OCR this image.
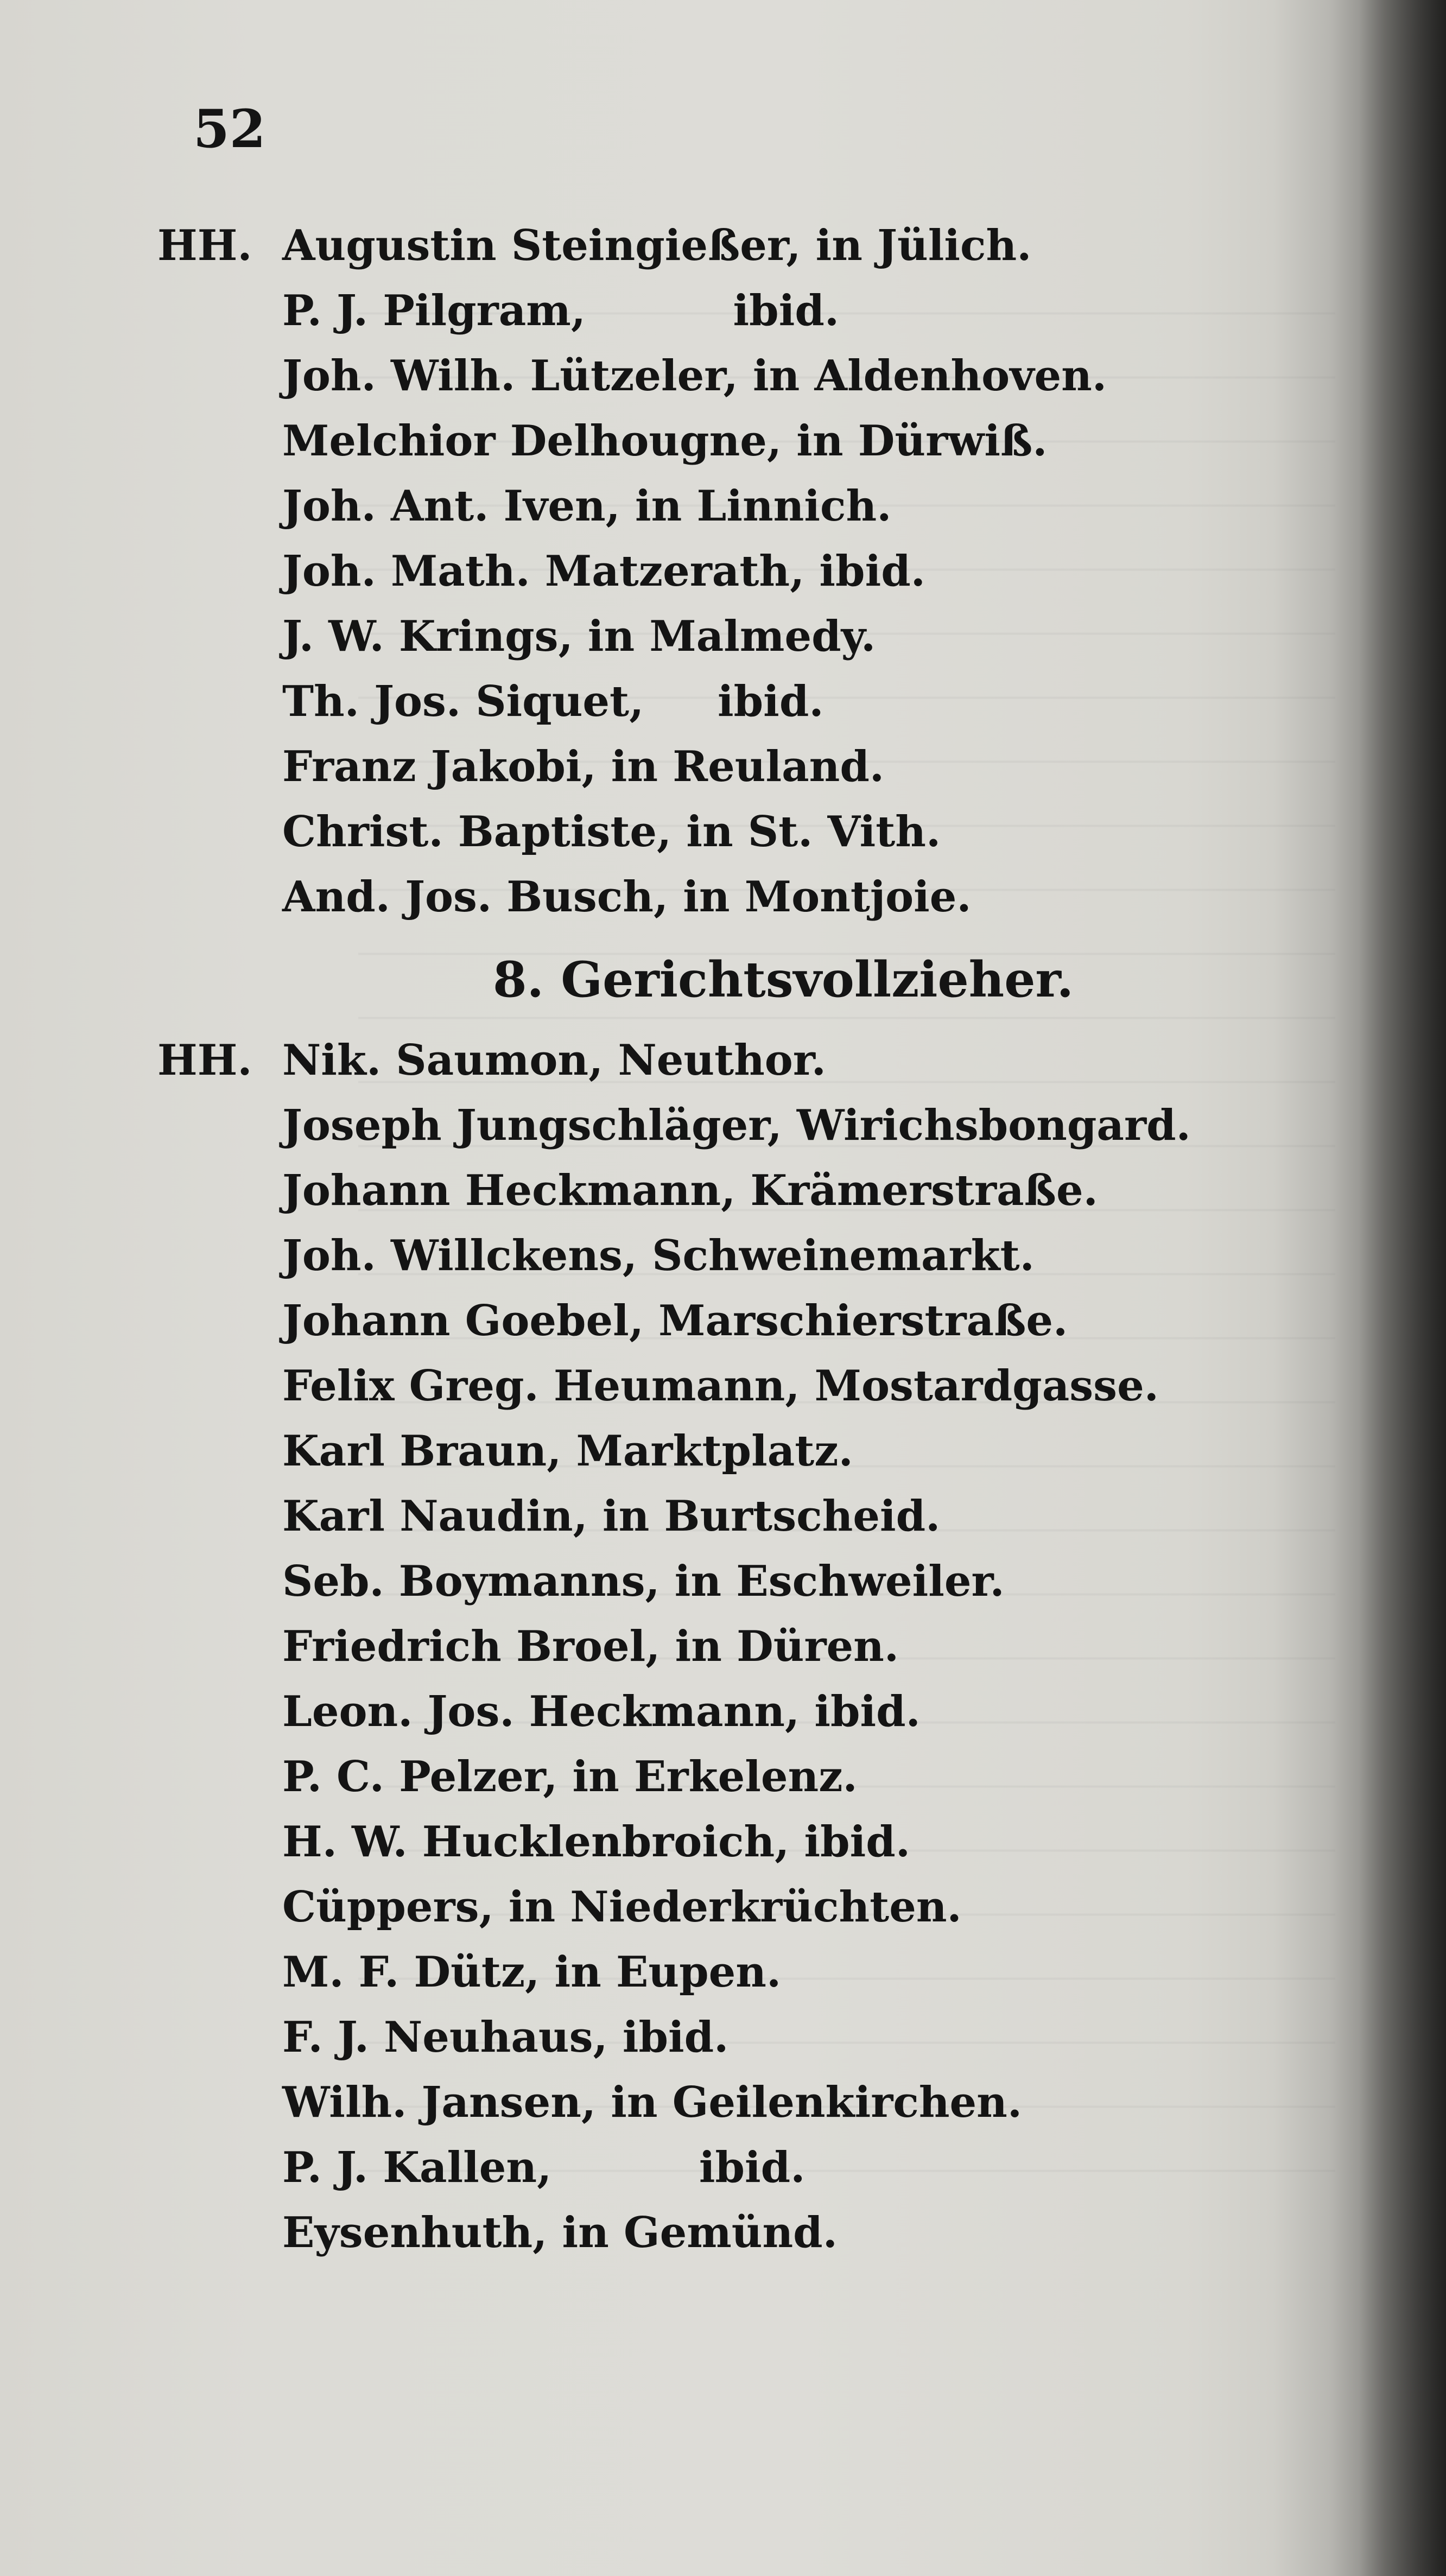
52
HH. Augustin Steingießer, in Jülich.
P. J. Pilgram,          ibid.
Joh. Wilh. Lützeler, in Aldenhoven.
Melchior Delhougne, in Dürwiß.
Joh. Ant. Iven, in Linnich.
Joh. Math. Matzerath, ibid.
J. W. Krings, in Malmedy.
Th. Jos. Siquet,     ibid.
Franz Jakobi, in Reuland.
Christ. Baptiste, in St. Vith.
And. Jos. Busch, in Montjoie.
8. Gerichtsvollzieher.
HH. Nik. Saumon, Neuthor.
Joseph Jungschläger, Wirichsbongard.
Johann Heckmann, Krämerstraße.
Joh. Willckens, Schweinemarkt.
Johann Goebel, Marschierstraße.
Felix Greg. Heumann, Mostardgasse.
Karl Braun, Marktplatz.
Karl Naudin, in Burtscheid.
Seb. Boymanns, in Eschweiler.
Friedrich Broel, in Düren.
Leon. Jos. Heckmann, ibid.
P. C. Pelzer, in Erkelenz.
H. W. Hucklenbroich, ibid.
Cüppers, in Niederkrüchten.
M. F. Dütz, in Eupen.
F. J. Neuhaus, ibid.
Wilh. Jansen, in Geilenkirchen.
P. J. Kallen,          ibid.
Eysenhuth, in Gemünd.
